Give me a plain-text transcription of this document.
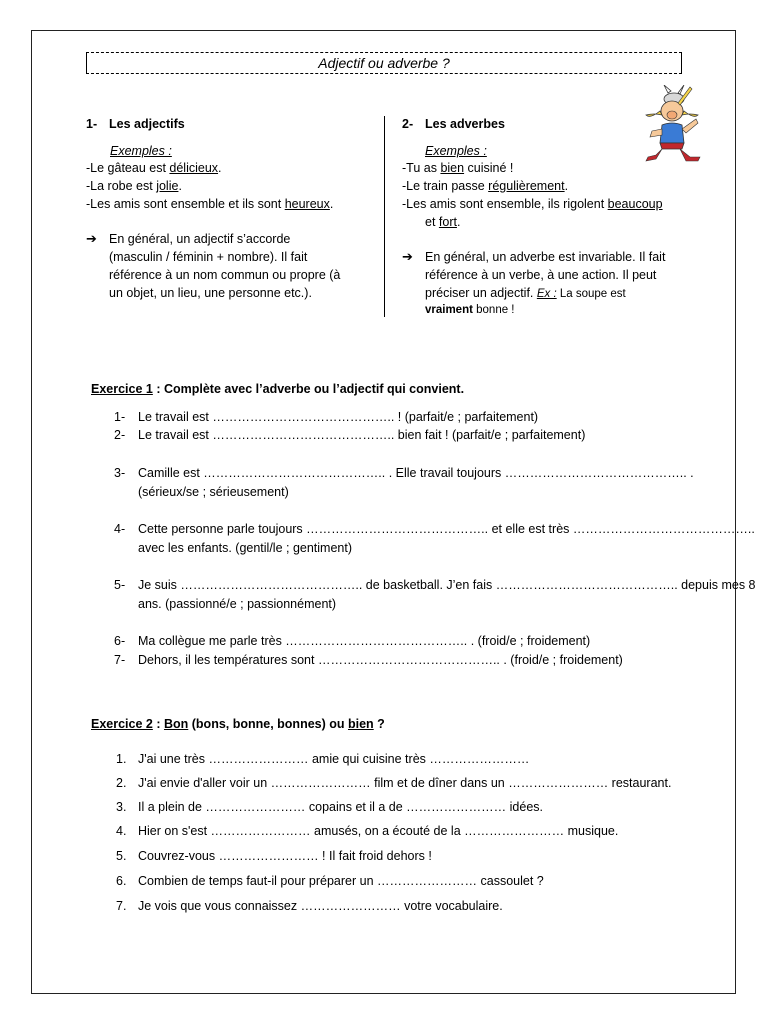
Adjectif ou adverbe ?
1- Les adjectifs
Exemples :
-Le gâteau est délicieux.
-La robe est jolie.
-Les amis sont ensemble et ils sont heureux.
➔ En général, un adjectif s’accorde
(masculin / féminin + nombre). Il fait
référence à un nom commun ou propre (à
un objet, un lieu, une personne etc.).
2- Les adverbes
Exemples :
-Tu as bien cuisiné !
-Le train passe régulièrement.
-Les amis sont ensemble, ils rigolent beaucoup
et fort.
➔ En général, un adverbe est invariable. Il fait
référence à un verbe, à une action. Il peut
préciser un adjectif. Ex : La soupe est
vraiment bonne !
Exercice 1 : Complète avec l’adverbe ou l’adjectif qui convient.
1- Le travail est …………………………………….. ! (parfait/e ; parfaitement)
2- Le travail est …………………………………….. bien fait ! (parfait/e ; parfaitement)
3- Camille est …………………………………….. . Elle travail toujours …………………………………….. .
(sérieux/se ; sérieusement)
4- Cette personne parle toujours …………………………………….. et elle est très ……………………………………..
avec les enfants. (gentil/le ; gentiment)
5- Je suis …………………………………….. de basketball. J’en fais …………………………………….. depuis mes 8
ans. (passionné/e ; passionnément)
6- Ma collègue me parle très …………………………………….. . (froid/e ; froidement)
7- Dehors, il les températures sont …………………………………….. . (froid/e ; froidement)
Exercice 2 : Bon (bons, bonne, bonnes) ou bien ?
1. J'ai une très …………………… amie qui cuisine très ……………………
2. J'ai envie d'aller voir un …………………… film et de dîner dans un …………………… restaurant.
3. Il a plein de …………………… copains et il a de …………………… idées.
4. Hier on s'est …………………… amusés, on a écouté de la …………………… musique.
5. Couvrez-vous …………………… ! Il fait froid dehors !
6. Combien de temps faut-il pour préparer un …………………… cassoulet ?
7. Je vois que vous connaissez …………………… votre vocabulaire.
